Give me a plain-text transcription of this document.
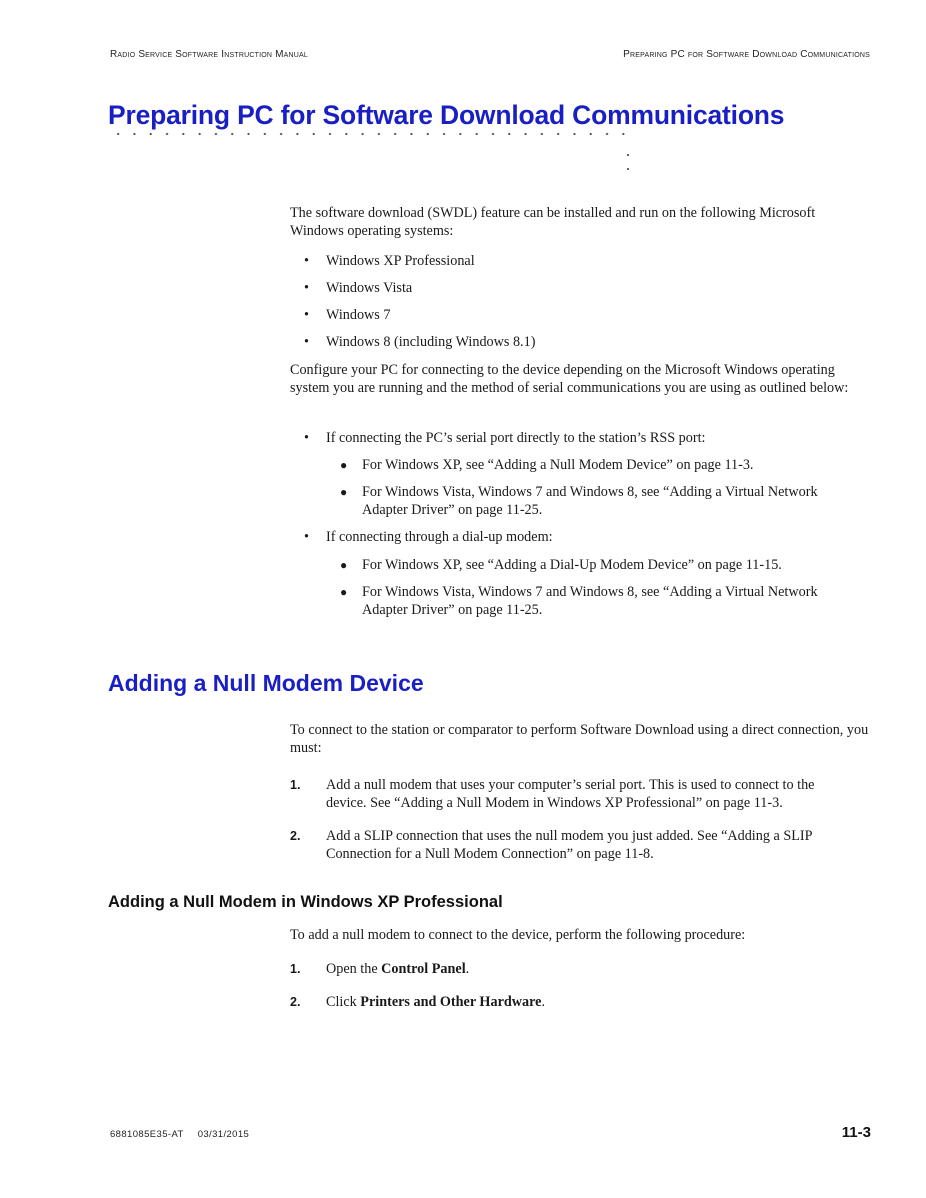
Radio Service Software Instruction Manual	Preparing PC for Software Download Communications
Preparing PC for Software Download Communications

The software download (SWDL) feature can be installed and run on the following Microsoft Windows operating systems:

• Windows XP Professional
• Windows Vista
• Windows 7
• Windows 8 (including Windows 8.1)

Configure your PC for connecting to the device depending on the Microsoft Windows operating system you are running and the method of serial communications you are using as outlined below:

• If connecting the PC’s serial port directly to the station’s RSS port:
● For Windows XP, see “Adding a Null Modem Device” on page 11-3.
● For Windows Vista, Windows 7 and Windows 8, see “Adding a Virtual Network Adapter Driver” on page 11-25.
• If connecting through a dial-up modem:
● For Windows XP, see “Adding a Dial-Up Modem Device” on page 11-15.
● For Windows Vista, Windows 7 and Windows 8, see “Adding a Virtual Network Adapter Driver” on page 11-25.
Adding a Null Modem Device

To connect to the station or comparator to perform Software Download using a direct connection, you must:

1. Add a null modem that uses your computer’s serial port. This is used to connect to the device. See “Adding a Null Modem in Windows XP Professional” on page 11-3.
2. Add a SLIP connection that uses the null modem you just added. See “Adding a SLIP Connection for a Null Modem Connection” on page 11-8.
Adding a Null Modem in Windows XP Professional

To add a null modem to connect to the device, perform the following procedure:

1. Open the Control Panel.
2. Click Printers and Other Hardware.
6881085E35-AT 03/31/2015	11-3
